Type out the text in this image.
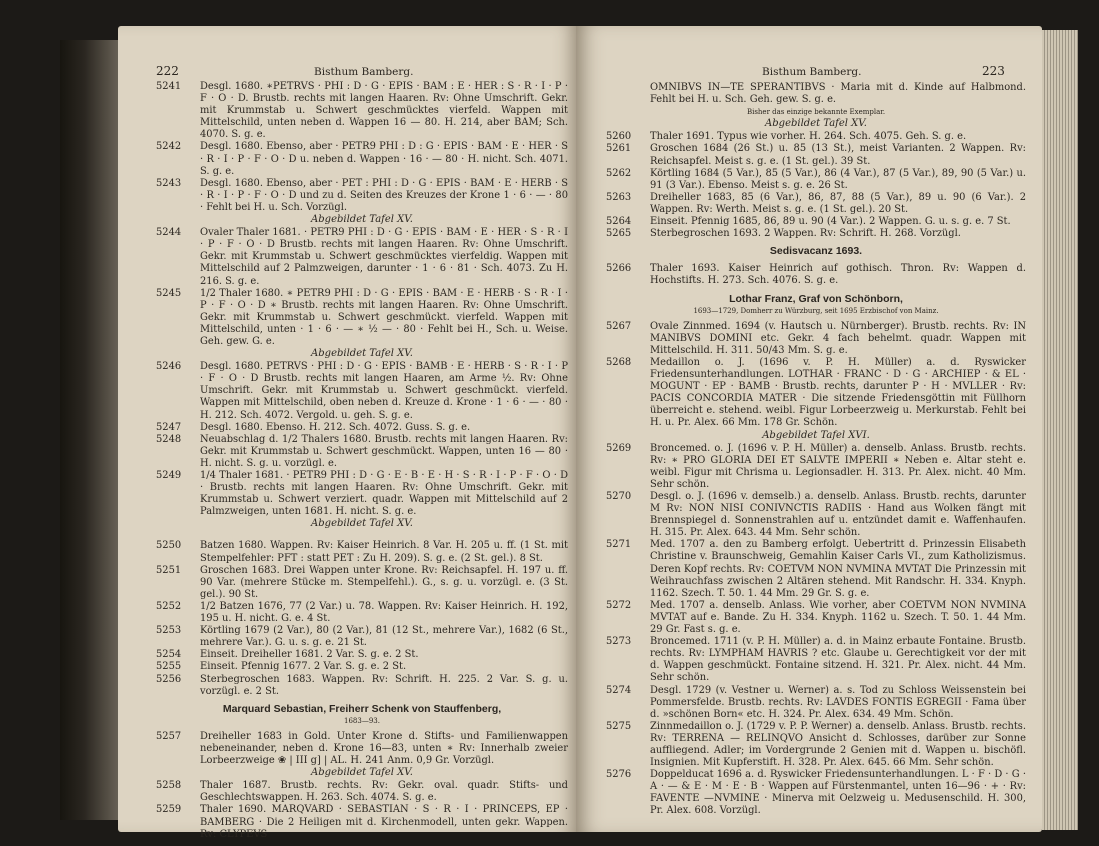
222	Bisthum Bamberg.
5241 Desgl. 1680. ∗PETRVS · PHI : D · G · EPIS · BAM : E · HER : S · R · I · P · F · O · D. Brustb. rechts mit langen Haaren. Rv: Ohne Umschrift. Gekr. mit Krummstab u. Schwert geschmücktes vierfeld. Wappen mit Mittelschild, unten neben d. Wappen 16 — 80. H. 214, aber BAM; Sch. 4070. S. g. e.

5242 Desgl. 1680. Ebenso, aber · PETR9 PHI : D : G · EPIS · BAM · E · HER · S · R · I · P · F · O · D u. neben d. Wappen · 16 · — 80 · H. nicht. Sch. 4071. S. g. e.

5243 Desgl. 1680. Ebenso, aber · PET : PHI : D · G · EPIS · BAM · E · HERB · S · R · I · P · F · O · D und zu d. Seiten des Kreuzes der Krone 1 · 6 · — · 80 · Fehlt bei H. u. Sch. Vorzügl.

Abgebildet Tafel XV.
5244 Ovaler Thaler 1681. · PETR9 PHI : D · G · EPIS · BAM · E · HER · S · R · I · P · F · O · D Brustb. rechts mit langen Haaren. Rv: Ohne Umschrift. Gekr. mit Krummstab u. Schwert geschmücktes vierfeldig. Wappen mit Mittelschild auf 2 Palmzweigen, darunter · 1 · 6 · 81 · Sch. 4073. Zu H. 216. S. g. e.

5245 1/2 Thaler 1680. ∗ PETR9 PHI : D · G · EPIS · BAM · E · HERB · S · R · I · P · F · O · D ∗ Brustb. rechts mit langen Haaren. Rv: Ohne Umschrift. Gekr. mit Krummstab u. Schwert geschmückt. vierfeld. Wappen mit Mittelschild, unten · 1 · 6 · — ∗ ½ — · 80 · Fehlt bei H., Sch. u. Weise. Geh. gew. G. e.

Abgebildet Tafel XV.
5246 Desgl. 1680. PETRVS · PHI : D · G · EPIS · BAMB · E · HERB · S · R · I · P · F · O · D Brustb. rechts mit langen Haaren, am Arme ½. Rv: Ohne Umschrift. Gekr. mit Krummstab u. Schwert geschmückt. vierfeld. Wappen mit Mittelschild, oben neben d. Kreuze d. Krone · 1 · 6 · — · 80 · H. 212. Sch. 4072. Vergold. u. geh. S. g. e.

5247 Desgl. 1680. Ebenso. H. 212. Sch. 4072. Guss. S. g. e.

5248 Neuabschlag d. 1/2 Thalers 1680. Brustb. rechts mit langen Haaren. Rv: Gekr. mit Krummstab u. Schwert geschmückt. Wappen, unten 16 — 80 · H. nicht. S. g. u. vorzügl. e.

5249 1/4 Thaler 1681. · PETR9 PHI : D · G · E · B · E · H · S · R · I · P · F · O · D · Brustb. rechts mit langen Haaren. Rv: Ohne Umschrift. Gekr. mit Krummstab u. Schwert verziert. quadr. Wappen mit Mittelschild auf 2 Palmzweigen, unten 1681. H. nicht. S. g. e.

Abgebildet Tafel XV.
5250 Batzen 1680. Wappen. Rv: Kaiser Heinrich. 8 Var. H. 205 u. ff. (1 St. mit Stempelfehler: PFT : statt PET : Zu H. 209). S. g. e. (2 St. gel.). 8 St.

5251 Groschen 1683. Drei Wappen unter Krone. Rv: Reichsapfel. H. 197 u. ff. 90 Var. (mehrere Stücke m. Stempelfehl.). G., s. g. u. vorzügl. e. (3 St. gel.). 90 St.

5252 1/2 Batzen 1676, 77 (2 Var.) u. 78. Wappen. Rv: Kaiser Heinrich. H. 192, 195 u. H. nicht. G. e. 4 St.

5253 Körtling 1679 (2 Var.), 80 (2 Var.), 81 (12 St., mehrere Var.), 1682 (6 St., mehrere Var.). G. u. s. g. e. 21 St.

5254 Einseit. Dreiheller 1681. 2 Var. S. g. e. 2 St.

5255 Einseit. Pfennig 1677. 2 Var. S. g. e. 2 St.

5256 Sterbegroschen 1683. Wappen. Rv: Schrift. H. 225. 2 Var. S. g. u. vorzügl. e. 2 St.

Marquard Sebastian, Freiherr Schenk von Stauffenberg,
1683—93.
5257 Dreiheller 1683 in Gold. Unter Krone d. Stifts- und Familienwappen nebeneinander, neben d. Krone 16—83, unten ∗ Rv: Innerhalb zweier Lorbeerzweige ❀ | III g] | AL. H. 241 Anm. 0,9 Gr. Vorzügl.

Abgebildet Tafel XV.
5258 Thaler 1687. Brustb. rechts. Rv: Gekr. oval. quadr. Stifts- und Geschlechtswappen. H. 263. Sch. 4074. S. g. e.

5259 Thaler 1690. MARQVARD · SEBASTIAN · S · R · I · PRINCEPS, EP · BAMBERG · Die 2 Heiligen mit d. Kirchenmodell, unten gekr. Wappen. Rv: CLYPEVS

Bisthum Bamberg.	223

OMNIBVS IN—TE SPERANTIBVS · Maria mit d. Kinde auf Halbmond. Fehlt bei H. u. Sch. Geh. gew. S. g. e.

Bisher das einzige bekannte Exemplar.
Abgebildet Tafel XV.
5260 Thaler 1691. Typus wie vorher. H. 264. Sch. 4075. Geh. S. g. e.

5261 Groschen 1684 (26 St.) u. 85 (13 St.), meist Varianten. 2 Wappen. Rv: Reichsapfel. Meist s. g. e. (1 St. gel.). 39 St.

5262 Körtling 1684 (5 Var.), 85 (5 Var.), 86 (4 Var.), 87 (5 Var.), 89, 90 (5 Var.) u. 91 (3 Var.). Ebenso. Meist s. g. e. 26 St.

5263 Dreiheller 1683, 85 (6 Var.), 86, 87, 88 (5 Var.), 89 u. 90 (6 Var.). 2 Wappen. Rv: Werth. Meist s. g. e. (1 St. gel.). 20 St.

5264 Einseit. Pfennig 1685, 86, 89 u. 90 (4 Var.). 2 Wappen. G. u. s. g. e. 7 St.

5265 Sterbegroschen 1693. 2 Wappen. Rv: Schrift. H. 268. Vorzügl.

Sedisvacanz 1693.
5266 Thaler 1693. Kaiser Heinrich auf gothisch. Thron. Rv: Wappen d. Hochstifts. H. 273. Sch. 4076. S. g. e.

Lothar Franz, Graf von Schönborn,
1693—1729, Domherr zu Würzburg, seit 1695 Erzbischof von Mainz.
5267 Ovale Zinnmed. 1694 (v. Hautsch u. Nürnberger). Brustb. rechts. Rv: IN MANIBVS DOMINI etc. Gekr. 4 fach behelmt. quadr. Wappen mit Mittelschild. H. 311. 50/43 Mm. S. g. e.

5268 Medaillon o. J. (1696 v. P. H. Müller) a. d. Ryswicker Friedensunterhandlungen. LOTHAR · FRANC · D · G · ARCHIEP · & EL · MOGUNT · EP · BAMB · Brustb. rechts, darunter P · H · MVLLER · Rv: PACIS CONCORDIA MATER · Die sitzende Friedensgöttin mit Füllhorn überreicht e. stehend. weibl. Figur Lorbeerzweig u. Merkurstab. Fehlt bei H. u. Pr. Alex. 66 Mm. 178 Gr. Schön.

Abgebildet Tafel XVI.
5269 Broncemed. o. J. (1696 v. P. H. Müller) a. denselb. Anlass. Brustb. rechts. Rv: ∗ PRO GLORIA DEI ET SALVTE IMPERII ∗ Neben e. Altar steht e. weibl. Figur mit Chrisma u. Legionsadler. H. 313. Pr. Alex. nicht. 40 Mm. Sehr schön.

5270 Desgl. o. J. (1696 v. demselb.) a. denselb. Anlass. Brustb. rechts, darunter M Rv: NON NISI CONIVNCTIS RADIIS · Hand aus Wolken fängt mit Brennspiegel d. Sonnenstrahlen auf u. entzündet damit e. Waffenhaufen. H. 315. Pr. Alex. 643. 44 Mm. Sehr schön.

5271 Med. 1707 a. den zu Bamberg erfolgt. Uebertritt d. Prinzessin Elisabeth Christine v. Braunschweig, Gemahlin Kaiser Carls VI., zum Katholizismus. Deren Kopf rechts. Rv: COETVM NON NVMINA MVTAT Die Prinzessin mit Weihrauchfass zwischen 2 Altären stehend. Mit Randschr. H. 334. Knyph. 1162. Szech. T. 50. 1. 44 Mm. 29 Gr. S. g. e.

5272 Med. 1707 a. denselb. Anlass. Wie vorher, aber COETVM NON NVMINA MVTAT auf e. Bande. Zu H. 334. Knyph. 1162 u. Szech. T. 50. 1. 44 Mm. 29 Gr. Fast s. g. e.

5273 Broncemed. 1711 (v. P. H. Müller) a. d. in Mainz erbaute Fontaine. Brustb. rechts. Rv: LYMPHAM HAVRIS ? etc. Glaube u. Gerechtigkeit vor der mit d. Wappen geschmückt. Fontaine sitzend. H. 321. Pr. Alex. nicht. 44 Mm. Sehr schön.

5274 Desgl. 1729 (v. Vestner u. Werner) a. s. Tod zu Schloss Weissenstein bei Pommersfelde. Brustb. rechts. Rv: LAVDES FONTIS EGREGII · Fama über d. »schönen Born« etc. H. 324. Pr. Alex. 634. 49 Mm. Schön.

5275 Zinnmedaillon o. J. (1729 v. P. P. Werner) a. denselb. Anlass. Brustb. rechts. Rv: TERRENA — RELINQVO Ansicht d. Schlosses, darüber zur Sonne auffliegend. Adler; im Vordergrunde 2 Genien mit d. Wappen u. bischöfl. Insignien. Mit Kupferstift. H. 328. Pr. Alex. 645. 66 Mm. Sehr schön.

5276 Doppelducat 1696 a. d. Ryswicker Friedensunterhandlungen. L · F · D · G · A · — & E · M · E · B · Wappen auf Fürstenmantel, unten 16—96 · + · Rv: FAVENTE —NVMINE · Minerva mit Oelzweig u. Medusenschild. H. 300, Pr. Alex. 608. Vorzügl.
